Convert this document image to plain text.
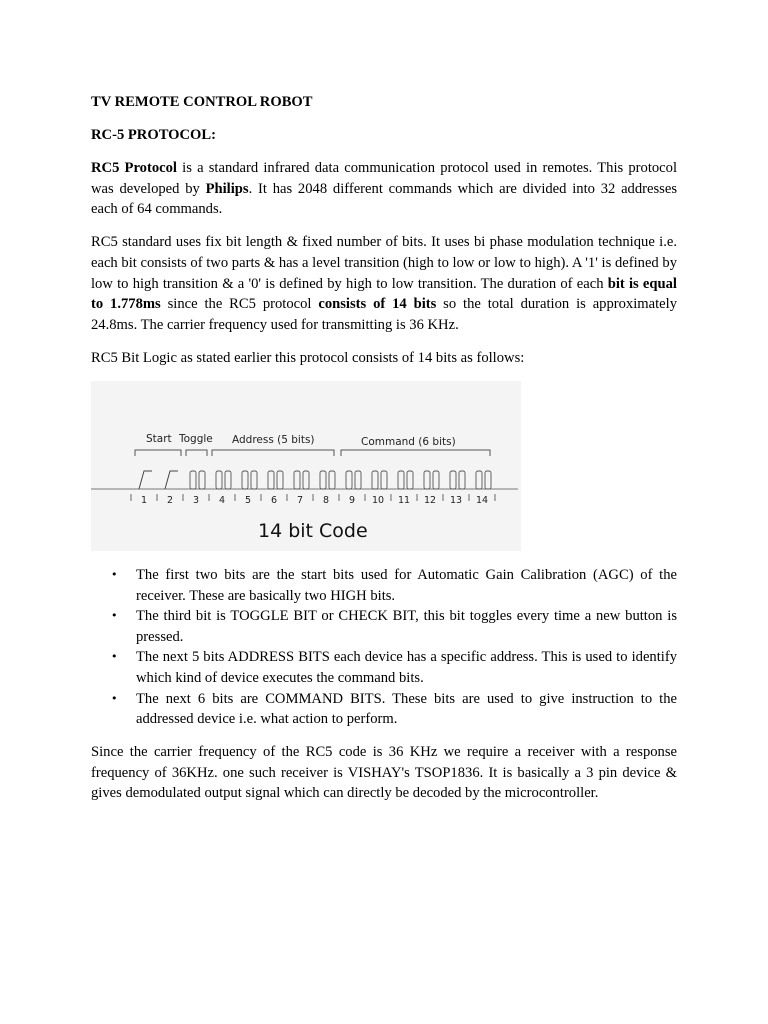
TV REMOTE CONTROL ROBOT

RC-5 PROTOCOL:

RC5 Protocol is a standard infrared data communication protocol used in remotes. This protocol was developed by Philips. It has 2048 different commands which are divided into 32 addresses each of 64 commands.

RC5 standard uses fix bit length & fixed number of bits. It uses bi phase modulation technique i.e. each bit consists of two parts & has a level transition (high to low or low to high). A '1' is defined by low to high transition & a '0' is defined by high to low transition. The duration of each bit is equal to 1.778ms since the RC5 protocol consists of 14 bits so the total duration is approximately 24.8ms. The carrier frequency used for transmitting is 36 KHz.

RC5 Bit Logic as stated earlier this protocol consists of 14 bits as follows:

Start Toggle Address (5 bits)	Command (6 bits)
1 2 3 4 5 6 7 8 9 10 11 12 13 14
14 bit Code
• The first two bits are the start bits used for Automatic Gain Calibration (AGC) of the receiver. These are basically two HIGH bits.
• The third bit is TOGGLE BIT or CHECK BIT, this bit toggles every time a new button is pressed.
• The next 5 bits ADDRESS BITS each device has a specific address. This is used to identify which kind of device executes the command bits.
• The next 6 bits are COMMAND BITS. These bits are used to give instruction to the addressed device i.e. what action to perform.

Since the carrier frequency of the RC5 code is 36 KHz we require a receiver with a response frequency of 36KHz. one such receiver is VISHAY's TSOP1836. It is basically a 3 pin device & gives demodulated output signal which can directly be decoded by the microcontroller.
